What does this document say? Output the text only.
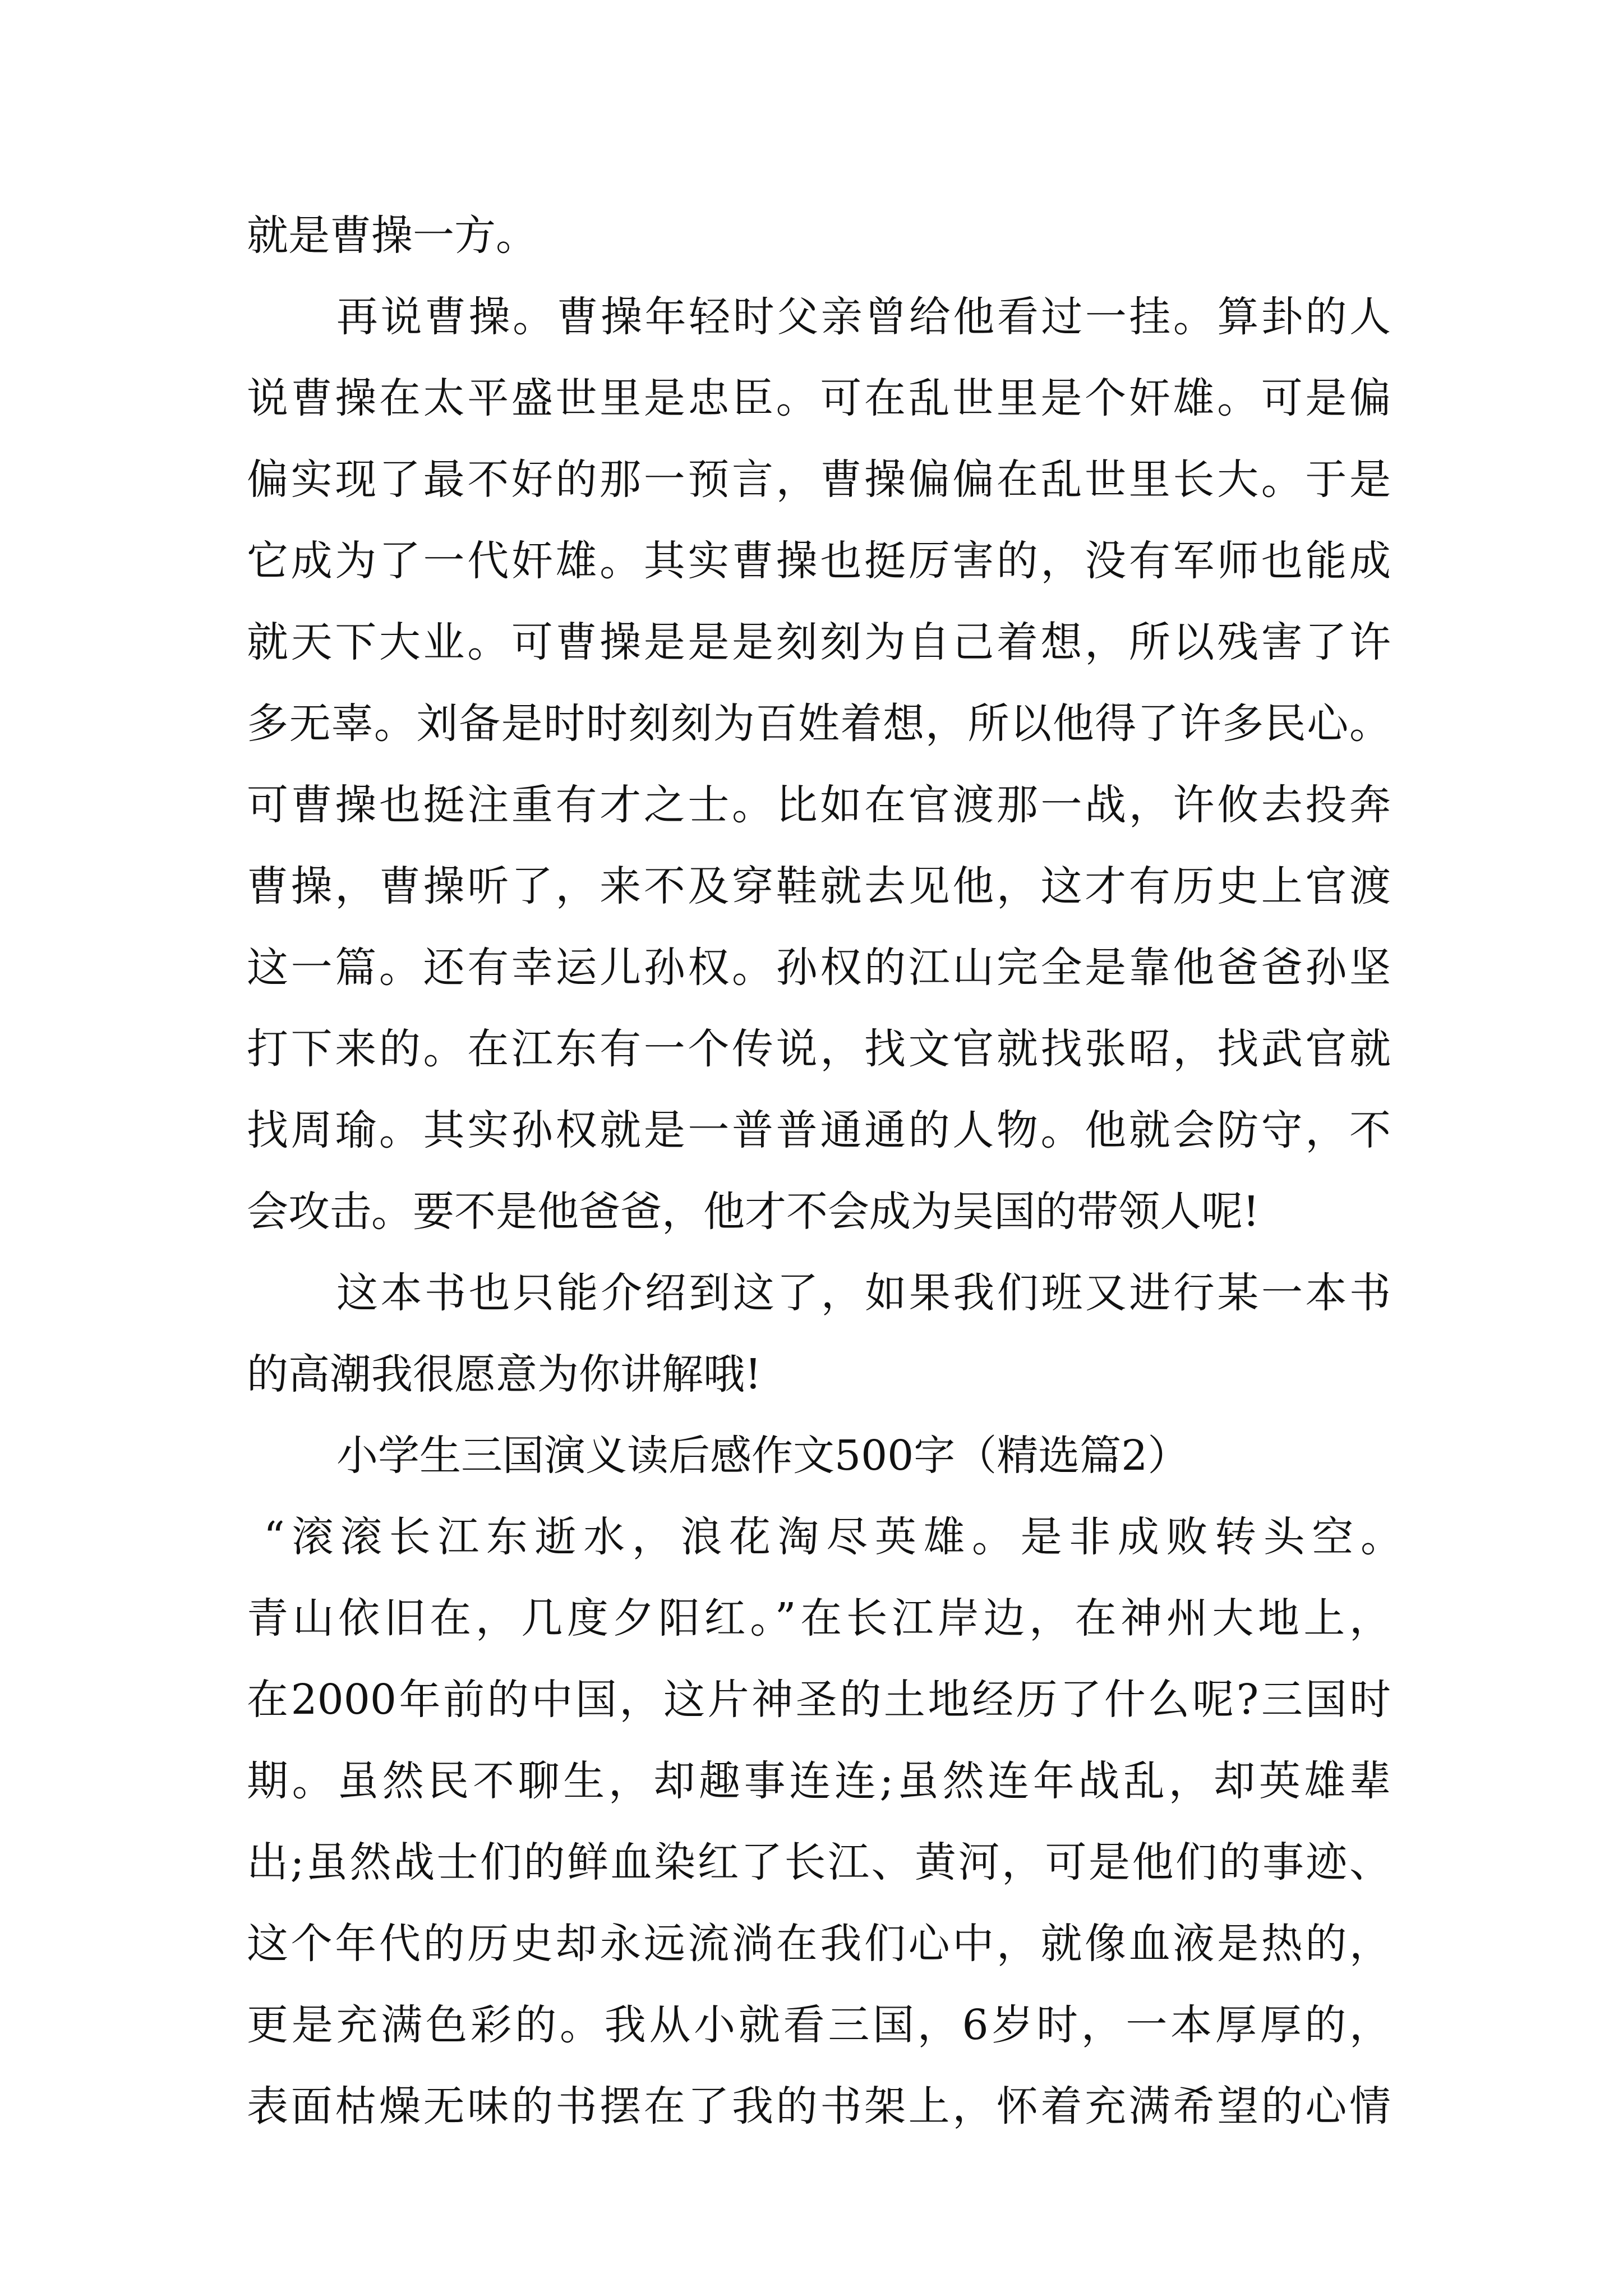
就是曹操一方。
再说曹操。曹操年轻时父亲曾给他看过一挂。算卦的人
说曹操在太平盛世里是忠臣。可在乱世里是个奸雄。可是偏
偏实现了最不好的那一预言，曹操偏偏在乱世里长大。于是
它成为了一代奸雄。其实曹操也挺厉害的，没有军师也能成
就天下大业。可曹操是是是刻刻为自己着想，所以残害了许
多无辜。刘备是时时刻刻为百姓着想，所以他得了许多民心。
可曹操也挺注重有才之士。比如在官渡那一战，许攸去投奔
曹操，曹操听了，来不及穿鞋就去见他，这才有历史上官渡
这一篇。还有幸运儿孙权。孙权的江山完全是靠他爸爸孙坚
打下来的。在江东有一个传说，找文官就找张昭，找武官就
找周瑜。其实孙权就是一普普通通的人物。他就会防守，不
会攻击。要不是他爸爸，他才不会成为吴国的带领人呢!
这本书也只能介绍到这了，如果我们班又进行某一本书
的高潮我很愿意为你讲解哦!
小学生三国演义读后感作文500字（精选篇2）
“滚滚长江东逝水，浪花淘尽英雄。是非成败转头空。
青山依旧在，几度夕阳红。”在长江岸边，在神州大地上，
在2000年前的中国，这片神圣的土地经历了什么呢?三国时
期。虽然民不聊生，却趣事连连;虽然连年战乱，却英雄辈
出;虽然战士们的鲜血染红了长江、黄河，可是他们的事迹、
这个年代的历史却永远流淌在我们心中，就像血液是热的，
更是充满色彩的。我从小就看三国，6岁时，一本厚厚的，
表面枯燥无味的书摆在了我的书架上，怀着充满希望的心情
